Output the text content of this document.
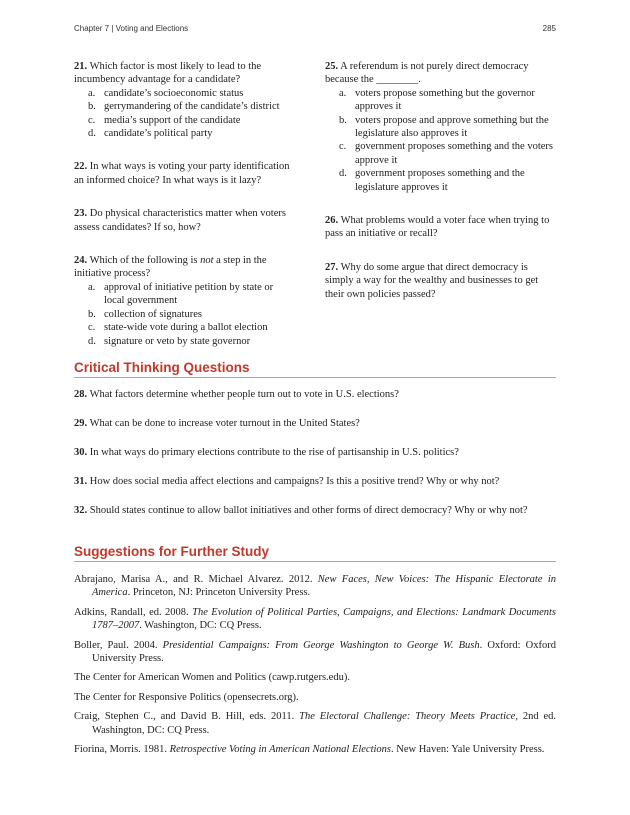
Chapter 7 | Voting and Elections	285
21. Which factor is most likely to lead to the incumbency advantage for a candidate?
a. candidate’s socioeconomic status
b. gerrymandering of the candidate’s district
c. media’s support of the candidate
d. candidate’s political party
22. In what ways is voting your party identification an informed choice? In what ways is it lazy?
23. Do physical characteristics matter when voters assess candidates? If so, how?
24. Which of the following is not a step in the initiative process?
a. approval of initiative petition by state or local government
b. collection of signatures
c. state-wide vote during a ballot election
d. signature or veto by state governor
25. A referendum is not purely direct democracy because the ________.
a. voters propose something but the governor approves it
b. voters propose and approve something but the legislature also approves it
c. government proposes something and the voters approve it
d. government proposes something and the legislature approves it
26. What problems would a voter face when trying to pass an initiative or recall?
27. Why do some argue that direct democracy is simply a way for the wealthy and businesses to get their own policies passed?
Critical Thinking Questions
28. What factors determine whether people turn out to vote in U.S. elections?
29. What can be done to increase voter turnout in the United States?
30. In what ways do primary elections contribute to the rise of partisanship in U.S. politics?
31. How does social media affect elections and campaigns? Is this a positive trend? Why or why not?
32. Should states continue to allow ballot initiatives and other forms of direct democracy? Why or why not?
Suggestions for Further Study
Abrajano, Marisa A., and R. Michael Alvarez. 2012. New Faces, New Voices: The Hispanic Electorate in America. Princeton, NJ: Princeton University Press.
Adkins, Randall, ed. 2008. The Evolution of Political Parties, Campaigns, and Elections: Landmark Documents 1787–2007. Washington, DC: CQ Press.
Boller, Paul. 2004. Presidential Campaigns: From George Washington to George W. Bush. Oxford: Oxford University Press.
The Center for American Women and Politics (cawp.rutgers.edu).
The Center for Responsive Politics (opensecrets.org).
Craig, Stephen C., and David B. Hill, eds. 2011. The Electoral Challenge: Theory Meets Practice, 2nd ed. Washington, DC: CQ Press.
Fiorina, Morris. 1981. Retrospective Voting in American National Elections. New Haven: Yale University Press.
